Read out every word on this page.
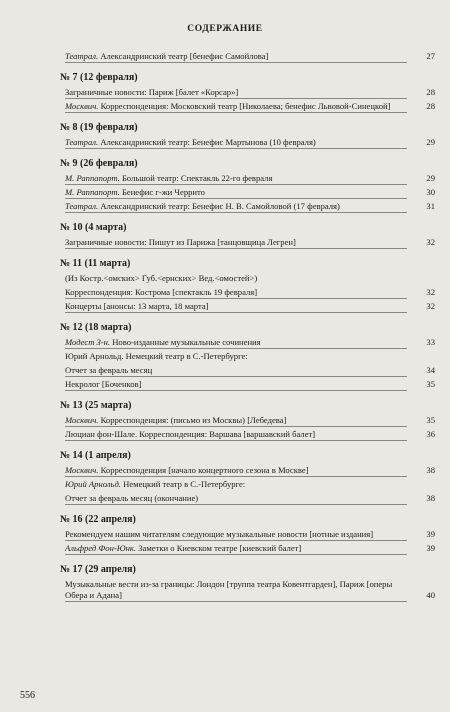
СОДЕРЖАНИЕ
Театрал. Александринский театр [бенефис Самойлова]	27
№ 7 (12 февраля)
Заграничные новости: Париж [балет «Корсар»]	28
Москвич. Корреспонденция: Московский театр [Николаева; бенефис Львовой-Синецкой]	28
№ 8 (19 февраля)
Театрал. Александринский театр: Бенефис Мартынова (10 февраля)	29
№ 9 (26 февраля)
М. Раппапорт. Большой театр: Спектакль 22-го февраля	29
М. Раппапорт. Бенефис г-жи Черрито	30
Театрал. Александринский театр: Бенефис Н. В. Самойловой (17 февраля)	31
№ 10 (4 марта)
Заграничные новости: Пишут из Парижа [танцовщица Легрен]	32
№ 11 (11 марта)
(Из Костр.<омских> Губ.<ернских> Вед.<омостей>)
Корреспонденция: Кострома [спектакль 19 февраля]	32
Концерты [анонсы: 13 марта, 18 марта]	32
№ 12 (18 марта)
Модест З-н. Ново-изданные музыкальные сочинения	33
Юрий Арнольд. Немецкий театр в С.-Петербурге:
Отчет за февраль месяц	34
Некролог [Боченков]	35
№ 13 (25 марта)
Москвич. Корреспонденция: (письмо из Москвы) [Лебедева]	35
Люциан фон-Шале. Корреспонденция: Варшава [варшавский балет]	36
№ 14 (1 апреля)
Москвич. Корреспонденция [начало концертного сезона в Москве]	38
Юрий Арнольд. Немецкий театр в С.-Петербурге:
Отчет за февраль месяц (окончание)	38
№ 16 (22 апреля)
Рекомендуем нашим читателям следующие музыкальные новости [нотные издания]	39
Альфред Фон-Юнк. Заметки о Киевском театре [киевский балет]	39
№ 17 (29 апреля)
Музыкальные вести из-за границы: Лондон [труппа театра Ковентгарден], Париж [оперы Обера и Адана]	40
556
